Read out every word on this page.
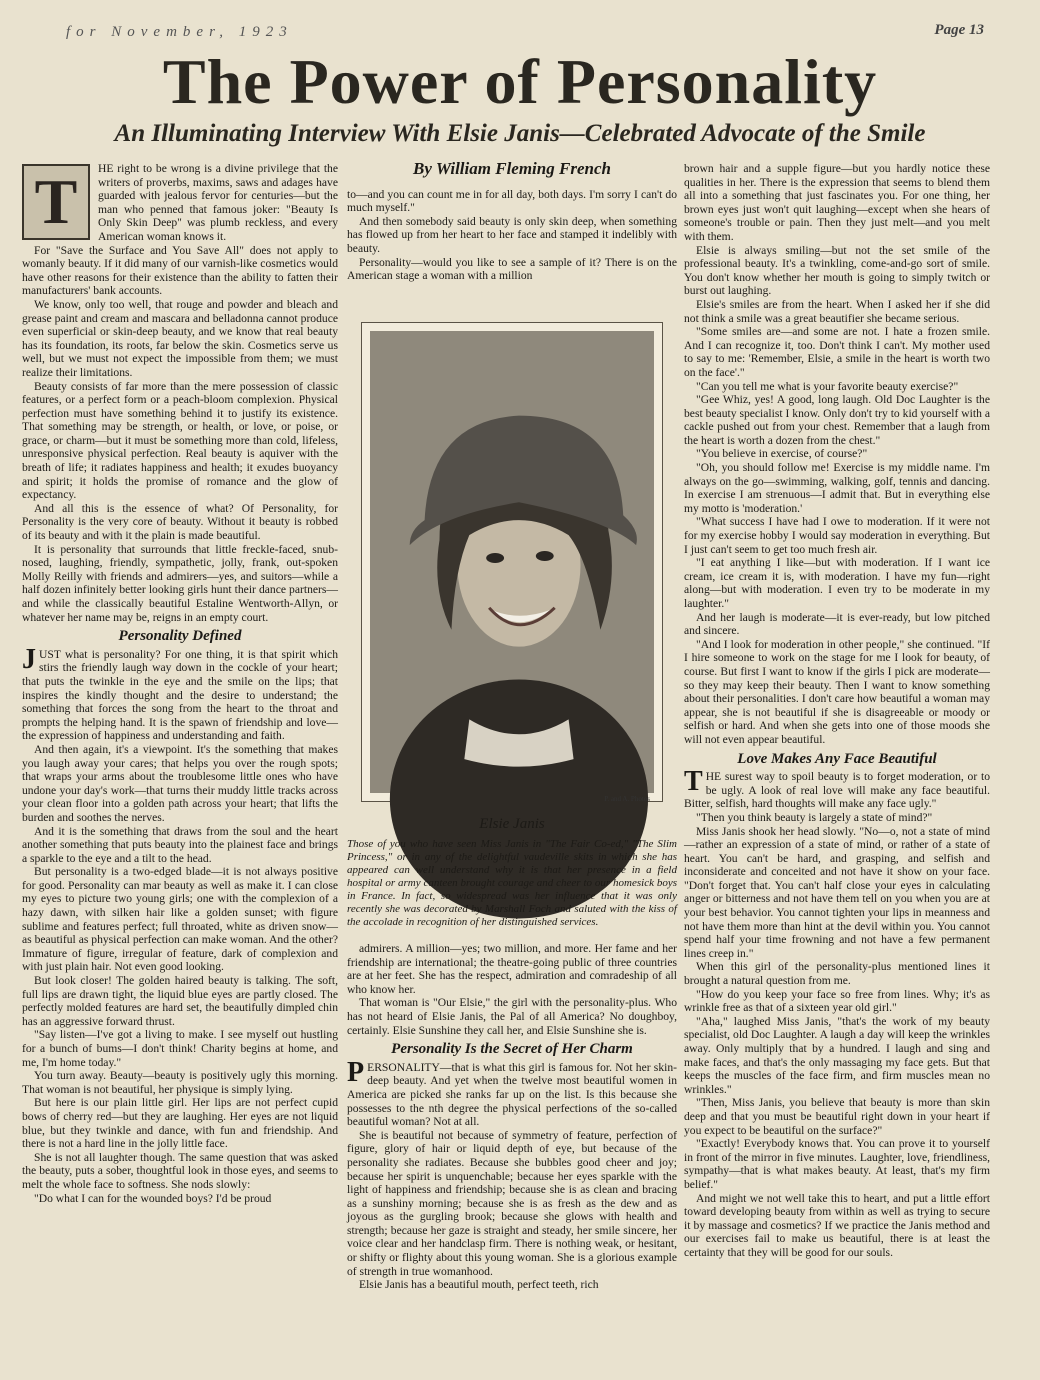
for November, 1923	Page 13
The Power of Personality
An Illuminating Interview With Elsie Janis—Celebrated Advocate of the Smile

T	HE right to be wrong is a divine privilege that the writers of proverbs, maxims, saws and adages have guarded with jealous fervor for centuries—but the man who penned that famous joker: "Beauty Is Only Skin Deep" was plumb reckless, and every American woman knows it.

For "Save the Surface and You Save All" does not apply to womanly beauty. If it did many of our varnish-like cosmetics would have other reasons for their existence than the ability to fatten their manufacturers' bank accounts.

We know, only too well, that rouge and powder and bleach and grease paint and cream and mascara and belladonna cannot produce even superficial or skin-deep beauty, and we know that real beauty has its foundation, its roots, far below the skin. Cosmetics serve us well, but we must not expect the impossible from them; we must realize their limitations.

Beauty consists of far more than the mere possession of classic features, or a perfect form or a peach-bloom complexion. Physical perfection must have something behind it to justify its existence. That something may be strength, or health, or love, or poise, or grace, or charm—but it must be something more than cold, lifeless, unresponsive physical perfection. Real beauty is aquiver with the breath of life; it radiates happiness and health; it exudes buoyancy and spirit; it holds the promise of romance and the glow of expectancy.

And all this is the essence of what? Of Personality, for Personality is the very core of beauty. Without it beauty is robbed of its beauty and with it the plain is made beautiful.

It is personality that surrounds that little freckle-faced, snub-nosed, laughing, friendly, sympathetic, jolly, frank, out-spoken Molly Reilly with friends and admirers—yes, and suitors—while a half dozen infinitely better looking girls hunt their dance partners—and while the classically beautiful Estaline Wentworth-Allyn, or whatever her name may be, reigns in an empty court.

Personality Defined

JUST what is personality? For one thing, it is that spirit which stirs the friendly laugh way down in the cockle of your heart; that puts the twinkle in the eye and the smile on the lips; that inspires the kindly thought and the desire to understand; the something that forces the song from the heart to the throat and prompts the helping hand. It is the spawn of friendship and love—the expression of happiness and understanding and faith.

And then again, it's a viewpoint. It's the something that makes you laugh away your cares; that helps you over the rough spots; that wraps your arms about the troublesome little ones who have undone your day's work—that turns their muddy little tracks across your clean floor into a golden path across your heart; that lifts the burden and soothes the nerves.

And it is the something that draws from the soul and the heart another something that puts beauty into the plainest face and brings a sparkle to the eye and a tilt to the head.

But personality is a two-edged blade—it is not always positive for good. Personality can mar beauty as well as make it. I can close my eyes to picture two young girls; one with the complexion of a hazy dawn, with silken hair like a golden sunset; with figure sublime and features perfect; full throated, white as driven snow—as beautiful as physical perfection can make woman. And the other? Immature of figure, irregular of feature, dark of complexion and with just plain hair. Not even good looking.

But look closer! The golden haired beauty is talking. The soft, full lips are drawn tight, the liquid blue eyes are partly closed. The perfectly molded features are hard set, the beautifully dimpled chin has an aggressive forward thrust.

"Say listen—I've got a living to make. I see myself out hustling for a bunch of bums—I don't think! Charity begins at home, and me, I'm home today."

You turn away. Beauty—beauty is positively ugly this morning. That woman is not beautiful, her physique is simply lying.

But here is our plain little girl. Her lips are not perfect cupid bows of cherry red—but they are laughing. Her eyes are not liquid blue, but they twinkle and dance, with fun and friendship. And there is not a hard line in the jolly little face.

She is not all laughter though. The same question that was asked the beauty, puts a sober, thoughtful look in those eyes, and seems to melt the whole face to softness. She nods slowly:

"Do what I can for the wounded boys? I'd be proud

By William Fleming French

to—and you can count me in for all day, both days. I'm sorry I can't do much myself."

And then somebody said beauty is only skin deep, when something has flowed up from her heart to her face and stamped it indelibly with beauty.

Personality—would you like to see a sample of it? There is on the American stage a woman with a million

P. and A. Photos
Elsie Janis
Those of you who have seen Miss Janis in "The Fair Co-ed," "The Slim Princess," or in any of the delightful vaudeville skits in which she has appeared can well understand why it is that her presence in a field hospital or army canteen brought courage and cheer to our homesick boys in France. In fact, so widespread was her influence that it was only recently she was decorated by Marshall Foch and saluted with the kiss of the accolade in recognition of her distinguished services.

admirers. A million—yes; two million, and more. Her fame and her friendship are international; the theatre-going public of three countries are at her feet. She has the respect, admiration and comradeship of all who know her.

That woman is "Our Elsie," the girl with the personality-plus. Who has not heard of Elsie Janis, the Pal of all America? No doughboy, certainly. Elsie Sunshine they call her, and Elsie Sunshine she is.

Personality Is the Secret of Her Charm

PERSONALITY—that is what this girl is famous for. Not her skin-deep beauty. And yet when the twelve most beautiful women in America are picked she ranks far up on the list. Is this because she possesses to the nth degree the physical perfections of the so-called beautiful woman? Not at all.

She is beautiful not because of symmetry of feature, perfection of figure, glory of hair or liquid depth of eye, but because of the personality she radiates. Because she bubbles good cheer and joy; because her spirit is unquenchable; because her eyes sparkle with the light of happiness and friendship; because she is as clean and bracing as a sunshiny morning; because she is as fresh as the dew and as joyous as the gurgling brook; because she glows with health and strength; because her gaze is straight and steady, her smile sincere, her voice clear and her handclasp firm. There is nothing weak, or hesitant, or shifty or flighty about this young woman. She is a glorious example of strength in true womanhood.

Elsie Janis has a beautiful mouth, perfect teeth, rich

brown hair and a supple figure—but you hardly notice these qualities in her. There is the expression that seems to blend them all into a something that just fascinates you. For one thing, her brown eyes just won't quit laughing—except when she hears of someone's trouble or pain. Then they just melt—and you melt with them.

Elsie is always smiling—but not the set smile of the professional beauty. It's a twinkling, come-and-go sort of smile. You don't know whether her mouth is going to simply twitch or burst out laughing.

Elsie's smiles are from the heart. When I asked her if she did not think a smile was a great beautifier she became serious.

"Some smiles are—and some are not. I hate a frozen smile. And I can recognize it, too. Don't think I can't. My mother used to say to me: 'Remember, Elsie, a smile in the heart is worth two on the face'."

"Can you tell me what is your favorite beauty exercise?"

"Gee Whiz, yes! A good, long laugh. Old Doc Laughter is the best beauty specialist I know. Only don't try to kid yourself with a cackle pushed out from your chest. Remember that a laugh from the heart is worth a dozen from the chest."

"You believe in exercise, of course?"

"Oh, you should follow me! Exercise is my middle name. I'm always on the go—swimming, walking, golf, tennis and dancing. In exercise I am strenuous—I admit that. But in everything else my motto is 'moderation.'

"What success I have had I owe to moderation. If it were not for my exercise hobby I would say moderation in everything. But I just can't seem to get too much fresh air.

"I eat anything I like—but with moderation. If I want ice cream, ice cream it is, with moderation. I have my fun—right along—but with moderation. I even try to be moderate in my laughter."

And her laugh is moderate—it is ever-ready, but low pitched and sincere.

"And I look for moderation in other people," she continued. "If I hire someone to work on the stage for me I look for beauty, of course. But first I want to know if the girls I pick are moderate—so they may keep their beauty. Then I want to know something about their personalities. I don't care how beautiful a woman may appear, she is not beautiful if she is disagreeable or moody or selfish or hard. And when she gets into one of those moods she will not even appear beautiful.

Love Makes Any Face Beautiful

THE surest way to spoil beauty is to forget moderation, or to be ugly. A look of real love will make any face beautiful. Bitter, selfish, hard thoughts will make any face ugly."

"Then you think beauty is largely a state of mind?"

Miss Janis shook her head slowly. "No—o, not a state of mind—rather an expression of a state of mind, or rather of a state of heart. You can't be hard, and grasping, and selfish and inconsiderate and conceited and not have it show on your face. "Don't forget that. You can't half close your eyes in calculating anger or bitterness and not have them tell on you when you are at your best behavior. You cannot tighten your lips in meanness and not have them more than hint at the devil within you. You cannot spend half your time frowning and not have a few permanent lines creep in."

When this girl of the personality-plus mentioned lines it brought a natural question from me.

"How do you keep your face so free from lines. Why; it's as wrinkle free as that of a sixteen year old girl."

"Aha," laughed Miss Janis, "that's the work of my beauty specialist, old Doc Laughter. A laugh a day will keep the wrinkles away. Only multiply that by a hundred. I laugh and sing and make faces, and that's the only massaging my face gets. But that keeps the muscles of the face firm, and firm muscles mean no wrinkles."

"Then, Miss Janis, you believe that beauty is more than skin deep and that you must be beautiful right down in your heart if you expect to be beautiful on the surface?"

"Exactly! Everybody knows that. You can prove it to yourself in front of the mirror in five minutes. Laughter, love, friendliness, sympathy—that is what makes beauty. At least, that's my firm belief."

And might we not well take this to heart, and put a little effort toward developing beauty from within as well as trying to secure it by massage and cosmetics? If we practice the Janis method and our exercises fail to make us beautiful, there is at least the certainty that they will be good for our souls.
